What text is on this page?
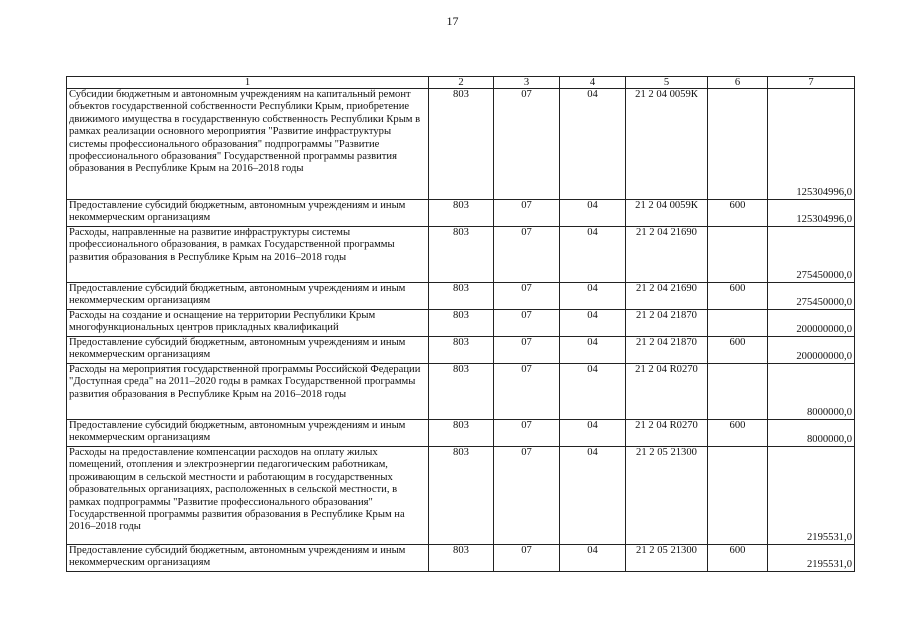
17
1	2	3	4	5	6	7
Субсидии бюджетным и автономным учреждениям на капитальный ремонт объектов государственной собственности Республики Крым, приобретение движимого имущества в государственную собственность Республики Крым в рамках реализации основного мероприятия "Развитие инфраструктуры системы профессионального образования" подпрограммы "Развитие профессионального образования" Государственной программы развития образования в Республике Крым на 2016–2018 годы	803	07	04	21 2 04 0059К		125304996,0
Предоставление субсидий бюджетным, автономным учреждениям и иным некоммерческим организациям	803	07	04	21 2 04 0059К	600	125304996,0
Расходы, направленные на развитие инфраструктуры системы профессионального образования, в рамках Государственной программы развития образования в Республике Крым на 2016–2018 годы	803	07	04	21 2 04 21690		275450000,0
Предоставление субсидий бюджетным, автономным учреждениям и иным некоммерческим организациям	803	07	04	21 2 04 21690	600	275450000,0
Расходы на создание и оснащение на территории Республики Крым многофункциональных центров прикладных квалификаций	803	07	04	21 2 04 21870		200000000,0
Предоставление субсидий бюджетным, автономным учреждениям и иным некоммерческим организациям	803	07	04	21 2 04 21870	600	200000000,0
Расходы на мероприятия государственной программы Российской Федерации "Доступная среда" на 2011–2020 годы в рамках Государственной программы развития образования в Республике Крым на 2016–2018 годы	803	07	04	21 2 04 R0270		8000000,0
Предоставление субсидий бюджетным, автономным учреждениям и иным некоммерческим организациям	803	07	04	21 2 04 R0270	600	8000000,0
Расходы на предоставление компенсации расходов на оплату жилых помещений, отопления и электроэнергии педагогическим работникам, проживающим в сельской местности и работающим в государственных образовательных организациях, расположенных в сельской местности, в рамках подпрограммы "Развитие профессионального образования" Государственной программы развития образования в Республике Крым на 2016–2018 годы	803	07	04	21 2 05 21300		2195531,0
Предоставление субсидий бюджетным, автономным учреждениям и иным некоммерческим организациям	803	07	04	21 2 05 21300	600	2195531,0
